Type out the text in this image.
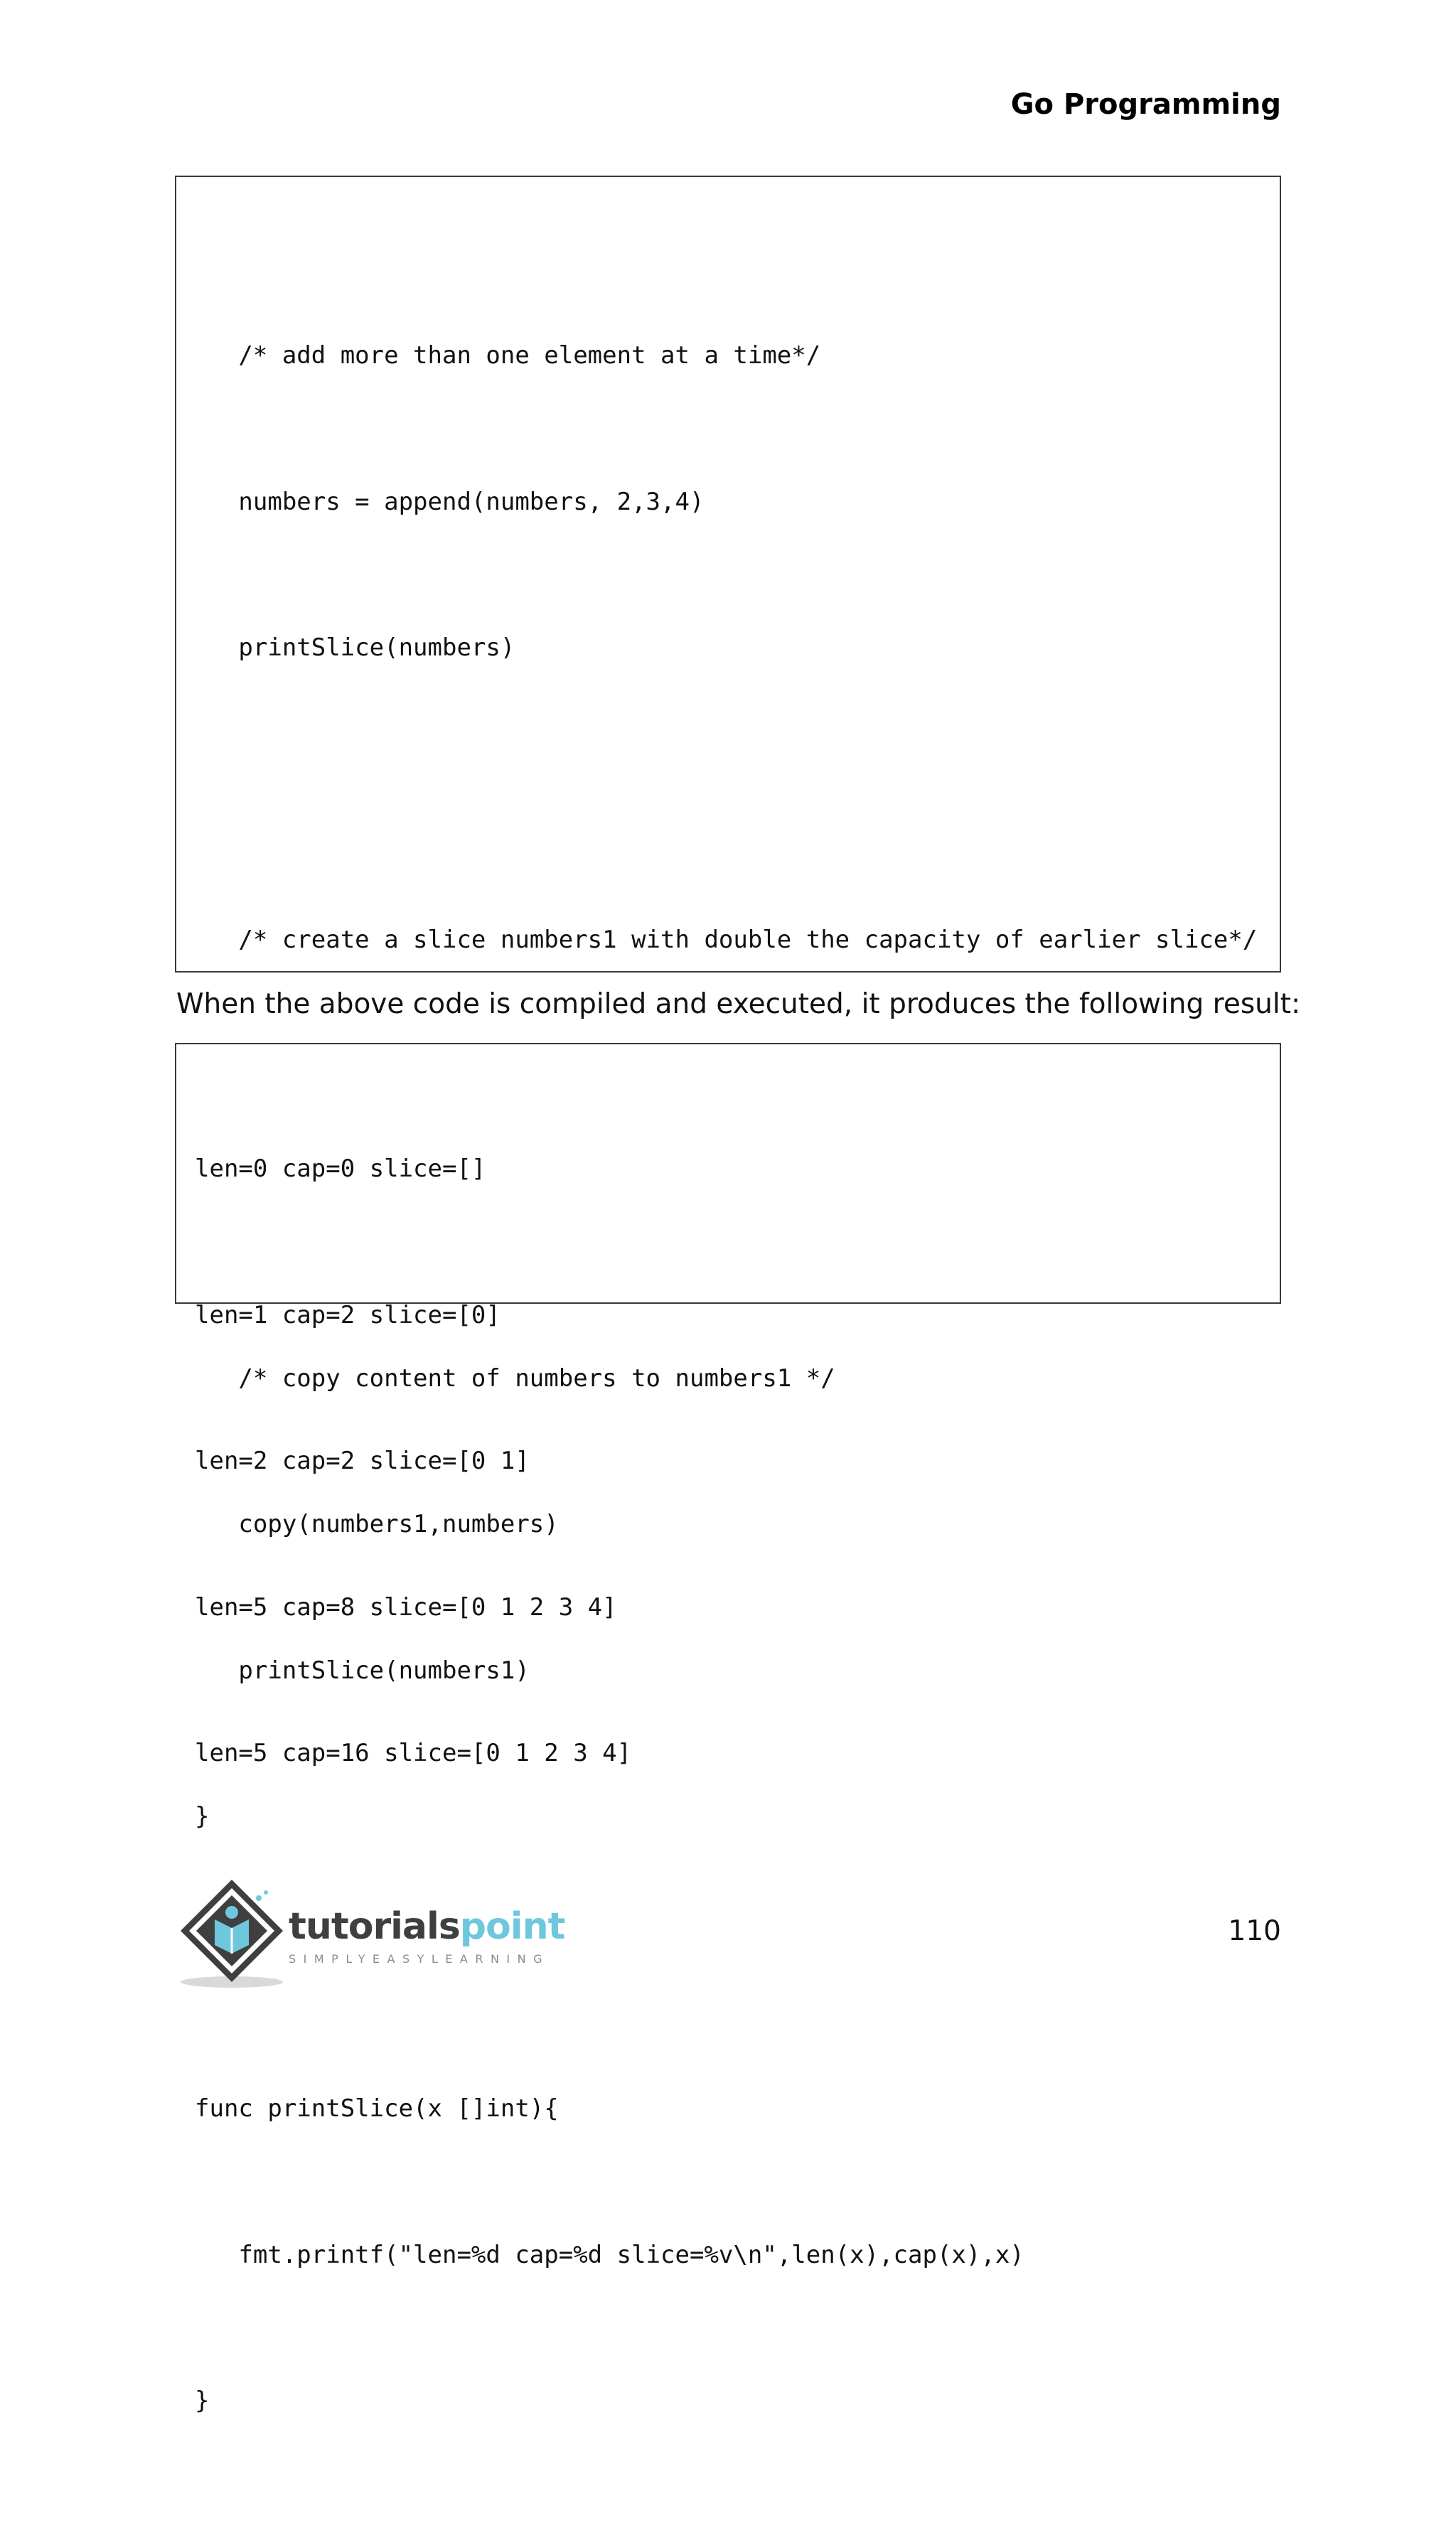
Go Programming

/* add more than one element at a time*/

numbers = append(numbers, 2,3,4)

printSlice(numbers)

/* create a slice numbers1 with double the capacity of earlier slice*/

/* copy content of numbers to numbers1 */

copy(numbers1,numbers)

printSlice(numbers1)

}

func printSlice(x []int){

fmt.printf("len=%d cap=%d slice=%v\n",len(x),cap(x),x)

}

When the above code is compiled and executed, it produces the following result:

len=0 cap=0 slice=[]

len=1 cap=2 slice=[0]

len=2 cap=2 slice=[0 1]

len=5 cap=8 slice=[0 1 2 3 4]

len=5 cap=16 slice=[0 1 2 3 4]

tutorialspoint
SIMPLYEASYLEARNING
110
